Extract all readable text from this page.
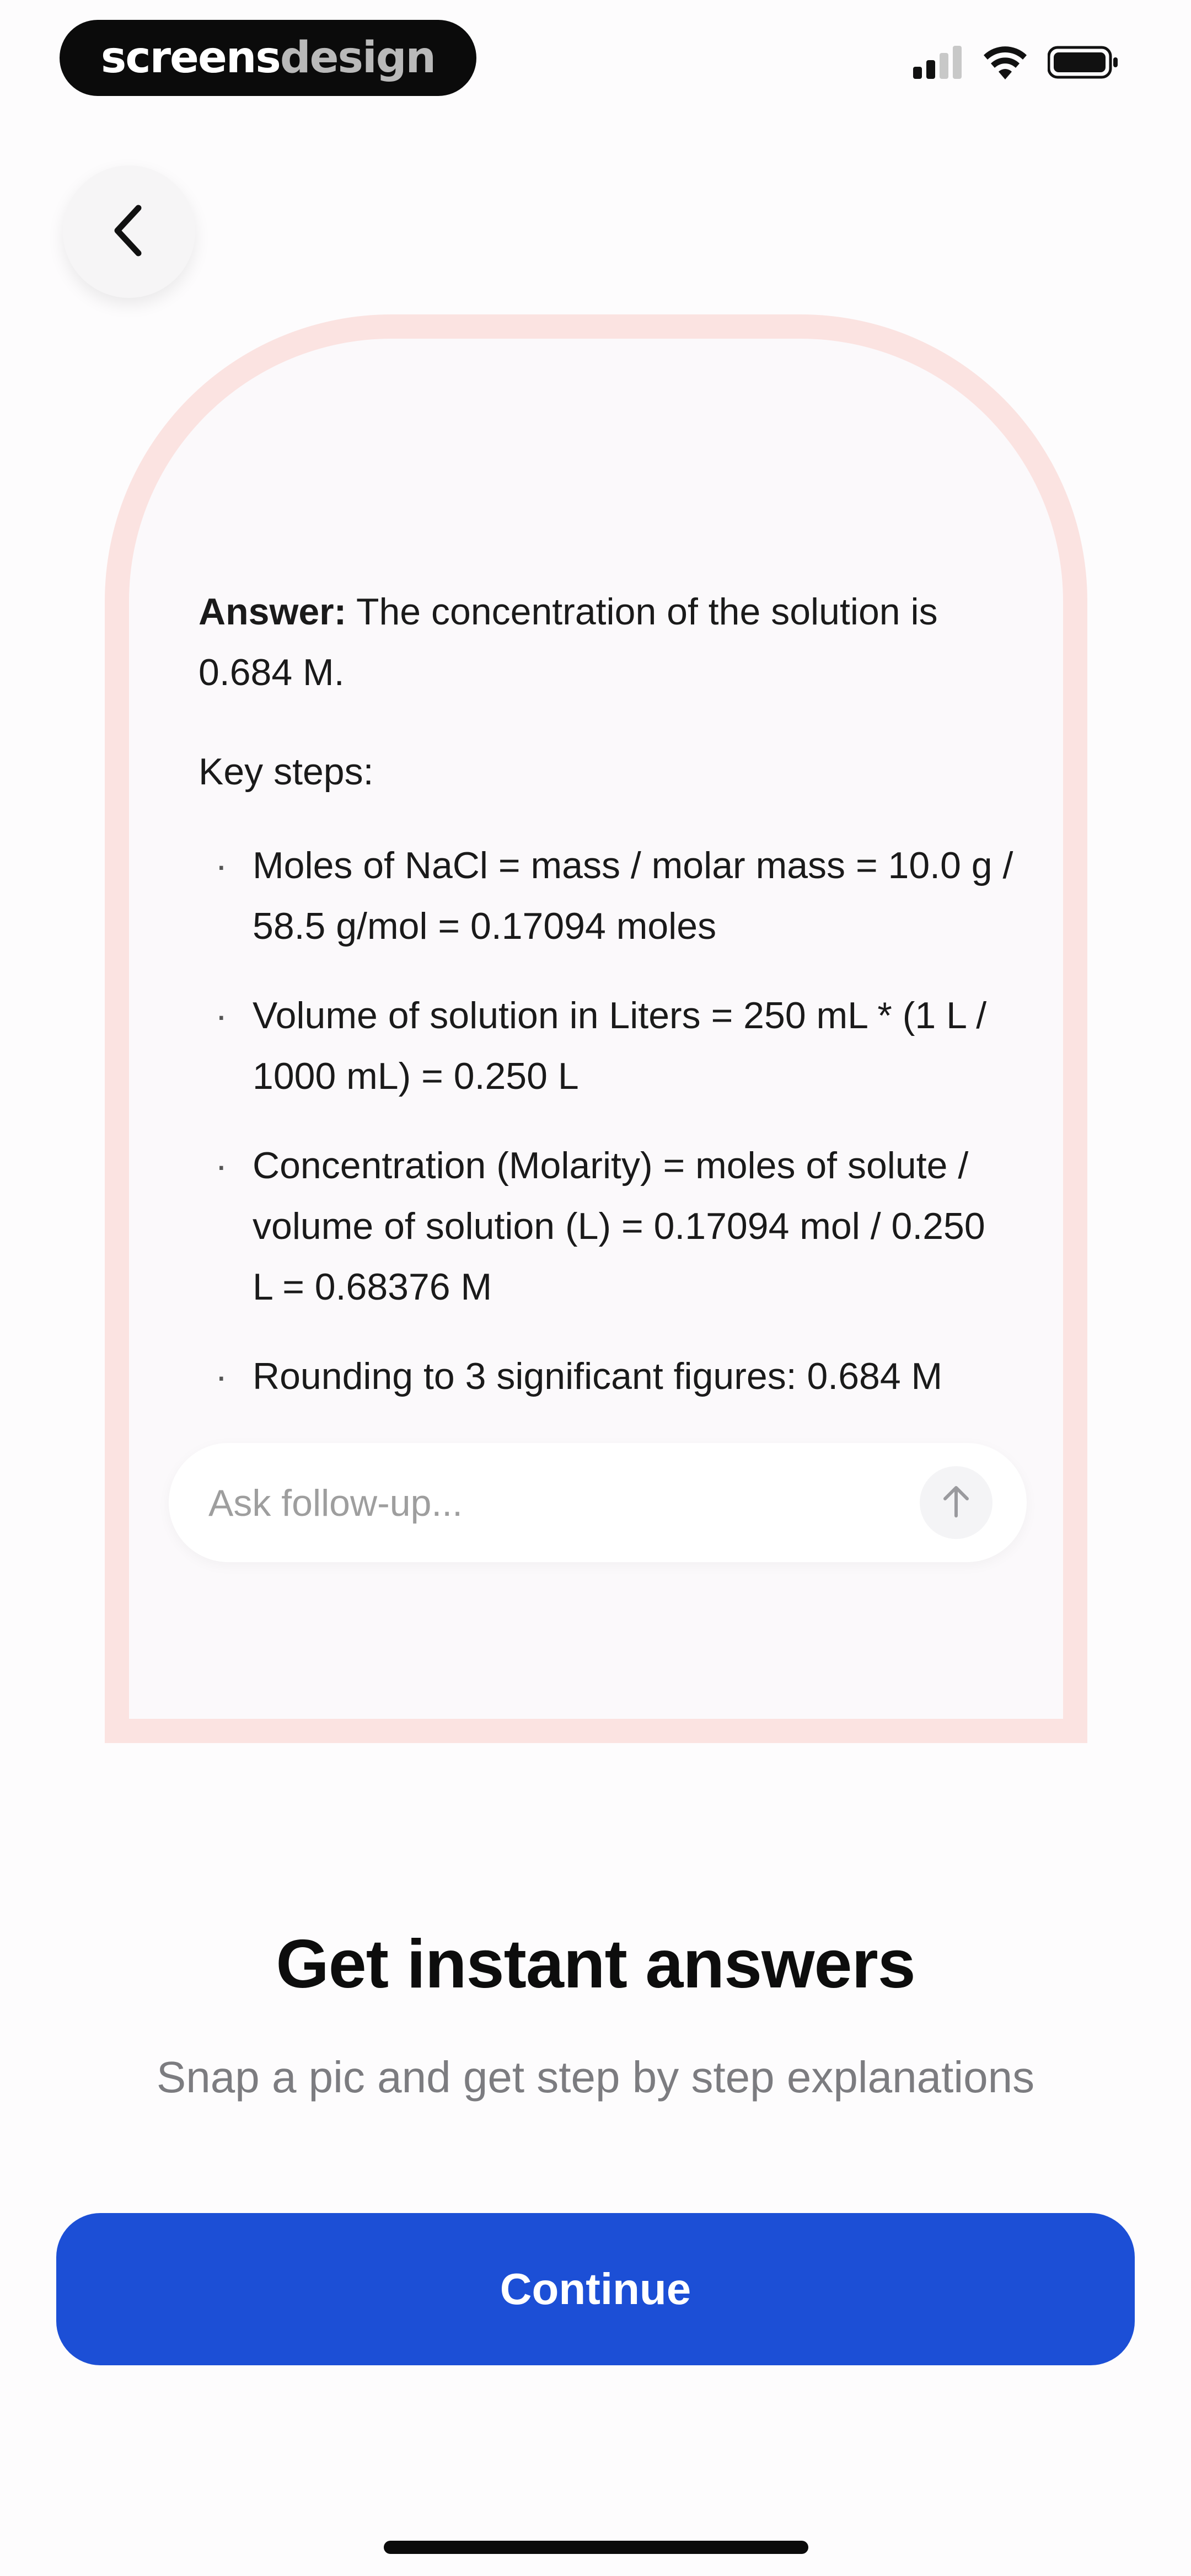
screens design
Answer: The concentration of the solution is 0.684 M.
Key steps:
· Moles of NaCl = mass / molar mass = 10.0 g / 58.5 g/mol = 0.17094 moles
· Volume of solution in Liters = 250 mL * (1 L / 1000 mL) = 0.250 L
· Concentration (Molarity) = moles of solute / volume of solution (L) = 0.17094 mol / 0.250 L = 0.68376 M
· Rounding to 3 significant figures: 0.684 M
Ask follow-up...
Get instant answers
Snap a pic and get step by step explanations
Continue
